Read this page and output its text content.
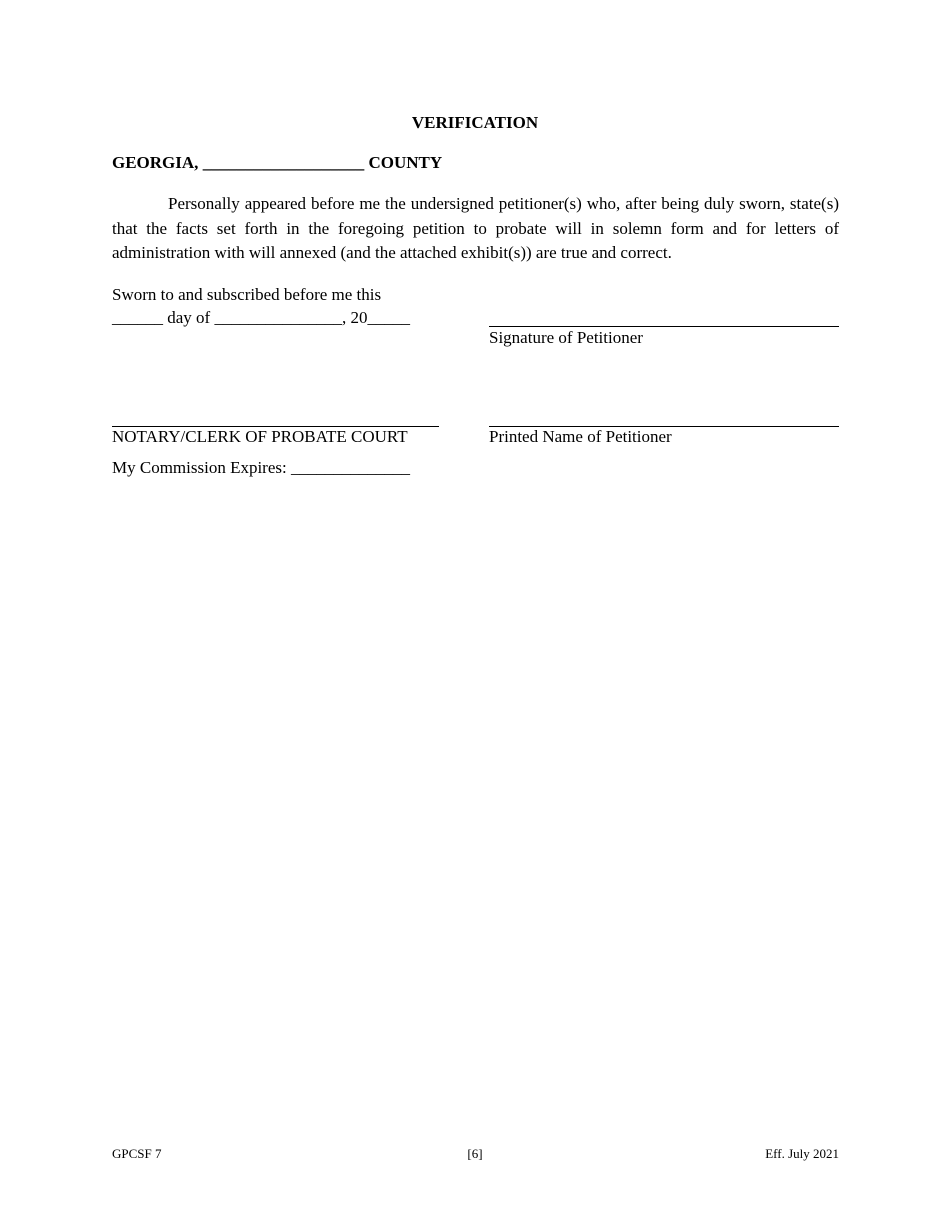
VERIFICATION
GEORGIA, ___________________ COUNTY
Personally appeared before me the undersigned petitioner(s) who, after being duly sworn, state(s) that the facts set forth in the foregoing petition to probate will in solemn form and for letters of administration with will annexed (and the attached exhibit(s)) are true and correct.
Sworn to and subscribed before me this
______ day of _______________, 20_____
Signature of Petitioner
NOTARY/CLERK OF PROBATE COURT	Printed Name of Petitioner
My Commission Expires: ______________
GPCSF 7	[6]	Eff. July 2021
